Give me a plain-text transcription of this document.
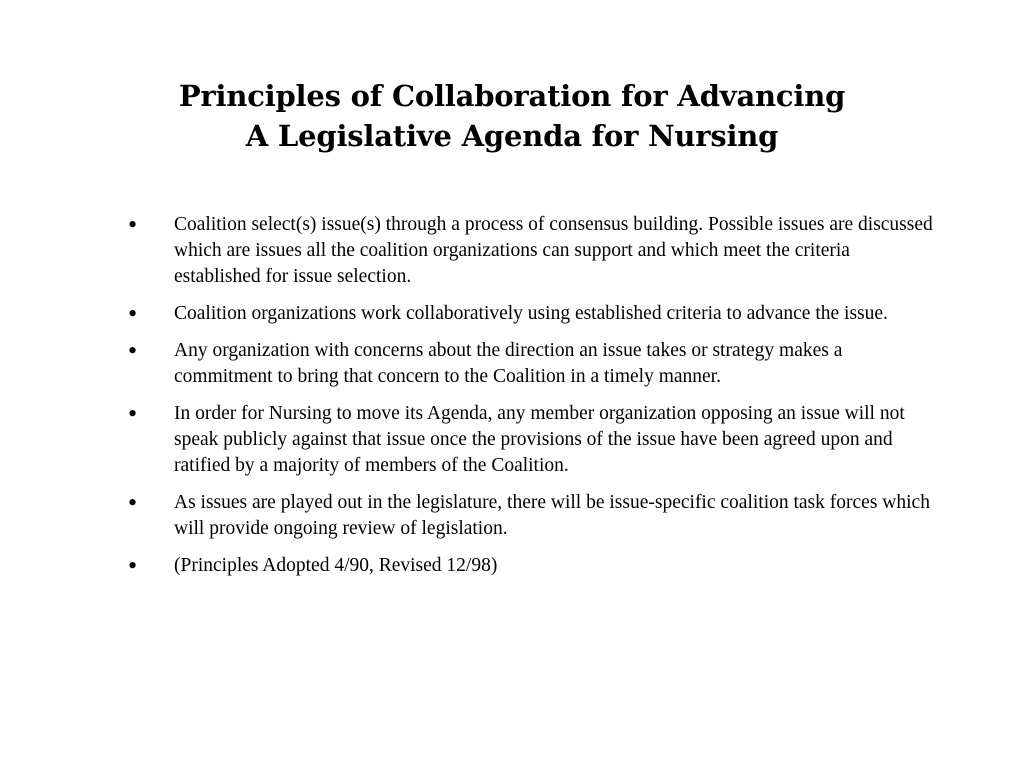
Principles of Collaboration for Advancing
A Legislative Agenda for Nursing
• Coalition select(s) issue(s) through a process of consensus building. Possible issues are discussed which are issues all the coalition organizations can support and which meet the criteria established for issue selection.
• Coalition organizations work collaboratively using established criteria to advance the issue.
• Any organization with concerns about the direction an issue takes or strategy makes a commitment to bring that concern to the Coalition in a timely manner.
• In order for Nursing to move its Agenda, any member organization opposing an issue will not speak publicly against that issue once the provisions of the issue have been agreed upon and ratified by a majority of members of the Coalition.
• As issues are played out in the legislature, there will be issue-specific coalition task forces which will provide ongoing review of legislation.
• (Principles Adopted 4/90, Revised 12/98)
